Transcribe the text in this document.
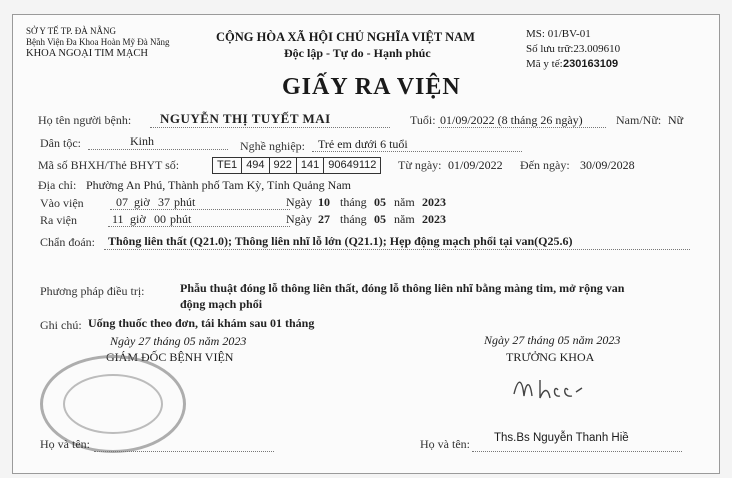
SỞ Y TẾ TP. ĐÀ NẴNG
Bệnh Viện Đa Khoa Hoàn Mỹ Đà Nẵng
KHOA NGOẠI TIM MẠCH
CỘNG HÒA XÃ HỘI CHỦ NGHĨA VIỆT NAM
Độc lập - Tự do - Hạnh phúc
MS: 01/BV-01
Số lưu trữ:23.009610
Mã y tế: 230163109
GIẤY RA VIỆN
Họ tên người bệnh: NGUYỄN THỊ TUYẾT MAI	Tuổi: 01/09/2022 (8 tháng 26 ngày)	Nam/Nữ: Nữ
Dân tộc:	Kinh	Nghề nghiệp: Trẻ em dưới 6 tuổi
Mã số BHXH/Thẻ BHYT số:	TE1 494 922 141 90649112	Từ ngày: 01/09/2022 Đến ngày: 30/09/2028
Địa chỉ: Phường An Phú, Thành phố Tam Kỳ, Tỉnh Quảng Nam
Vào viện	07 giờ 37 phút	Ngày 10 tháng 05 năm 2023
Ra viện	11 giờ 00 phút	Ngày 27 tháng 05 năm 2023
Chẩn đoán: Thông liên thất (Q21.0); Thông liên nhĩ lỗ lớn (Q21.1); Hẹp động mạch phổi tại van(Q25.6)
Phương pháp điều trị:	Phẫu thuật đóng lỗ thông liên thất, đóng lỗ thông liên nhĩ bằng màng tim, mở rộng van
động mạch phổi
Ghi chú: Uống thuốc theo đơn, tái khám sau 01 tháng
Ngày 27 tháng 05 năm 2023
GIÁM ĐỐC BỆNH VIỆN
Họ và tên:
Ngày 27 tháng 05 năm 2023
TRƯỞNG KHOA
Họ và tên: Ths.Bs Nguyễn Thanh Hiề
